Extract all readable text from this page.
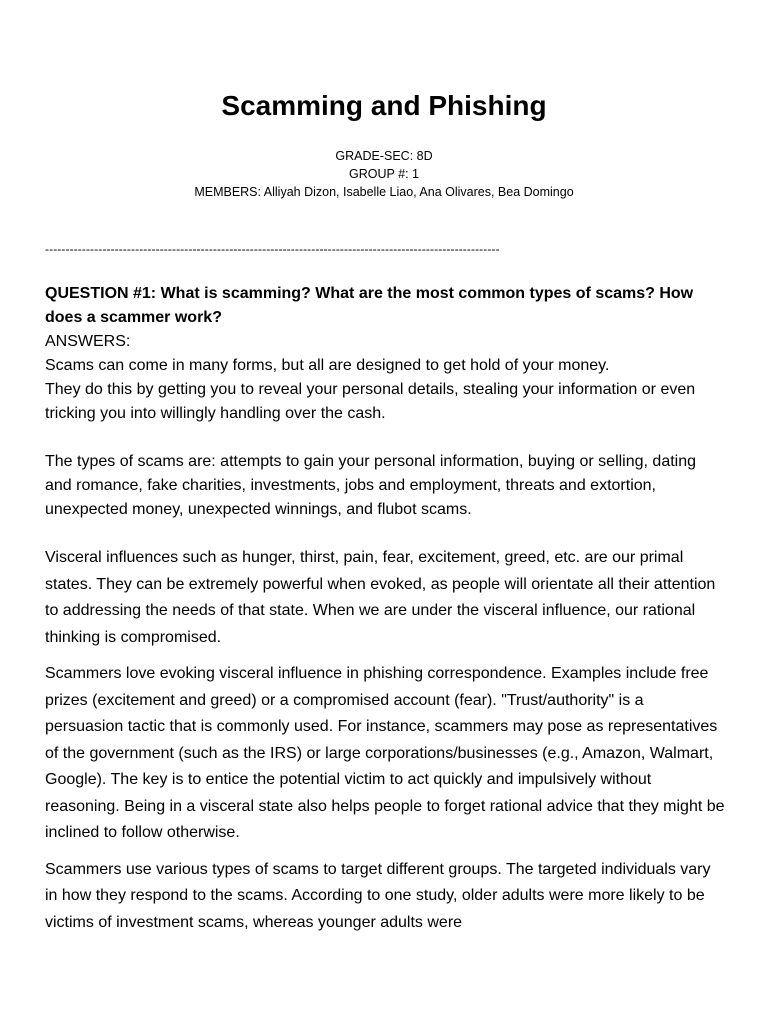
Scamming and Phishing
GRADE-SEC: 8D
GROUP #: 1
MEMBERS: Alliyah Dizon, Isabelle Liao, Ana Olivares, Bea Domingo
---------------------------------------------------------------------------------------------------------------

QUESTION #1: What is scamming? What are the most common types of scams? How does a scammer work?

ANSWERS:

Scams can come in many forms, but all are designed to get hold of your money.

They do this by getting you to reveal your personal details, stealing your information or even tricking you into willingly handling over the cash.

The types of scams are: attempts to gain your personal information, buying or selling, dating and romance, fake charities, investments, jobs and employment, threats and extortion, unexpected money, unexpected winnings, and flubot scams.

Visceral influences such as hunger, thirst, pain, fear, excitement, greed, etc. are our primal states. They can be extremely powerful when evoked, as people will orientate all their attention to addressing the needs of that state. When we are under the visceral influence, our rational thinking is compromised.

Scammers love evoking visceral influence in phishing correspondence. Examples include free prizes (excitement and greed) or a compromised account (fear). "Trust/authority" is a persuasion tactic that is commonly used. For instance, scammers may pose as representatives of the government (such as the IRS) or large corporations/businesses (e.g., Amazon, Walmart, Google). The key is to entice the potential victim to act quickly and impulsively without reasoning. Being in a visceral state also helps people to forget rational advice that they might be inclined to follow otherwise.

Scammers use various types of scams to target different groups. The targeted individuals vary in how they respond to the scams. According to one study, older adults were more likely to be victims of investment scams, whereas younger adults were
